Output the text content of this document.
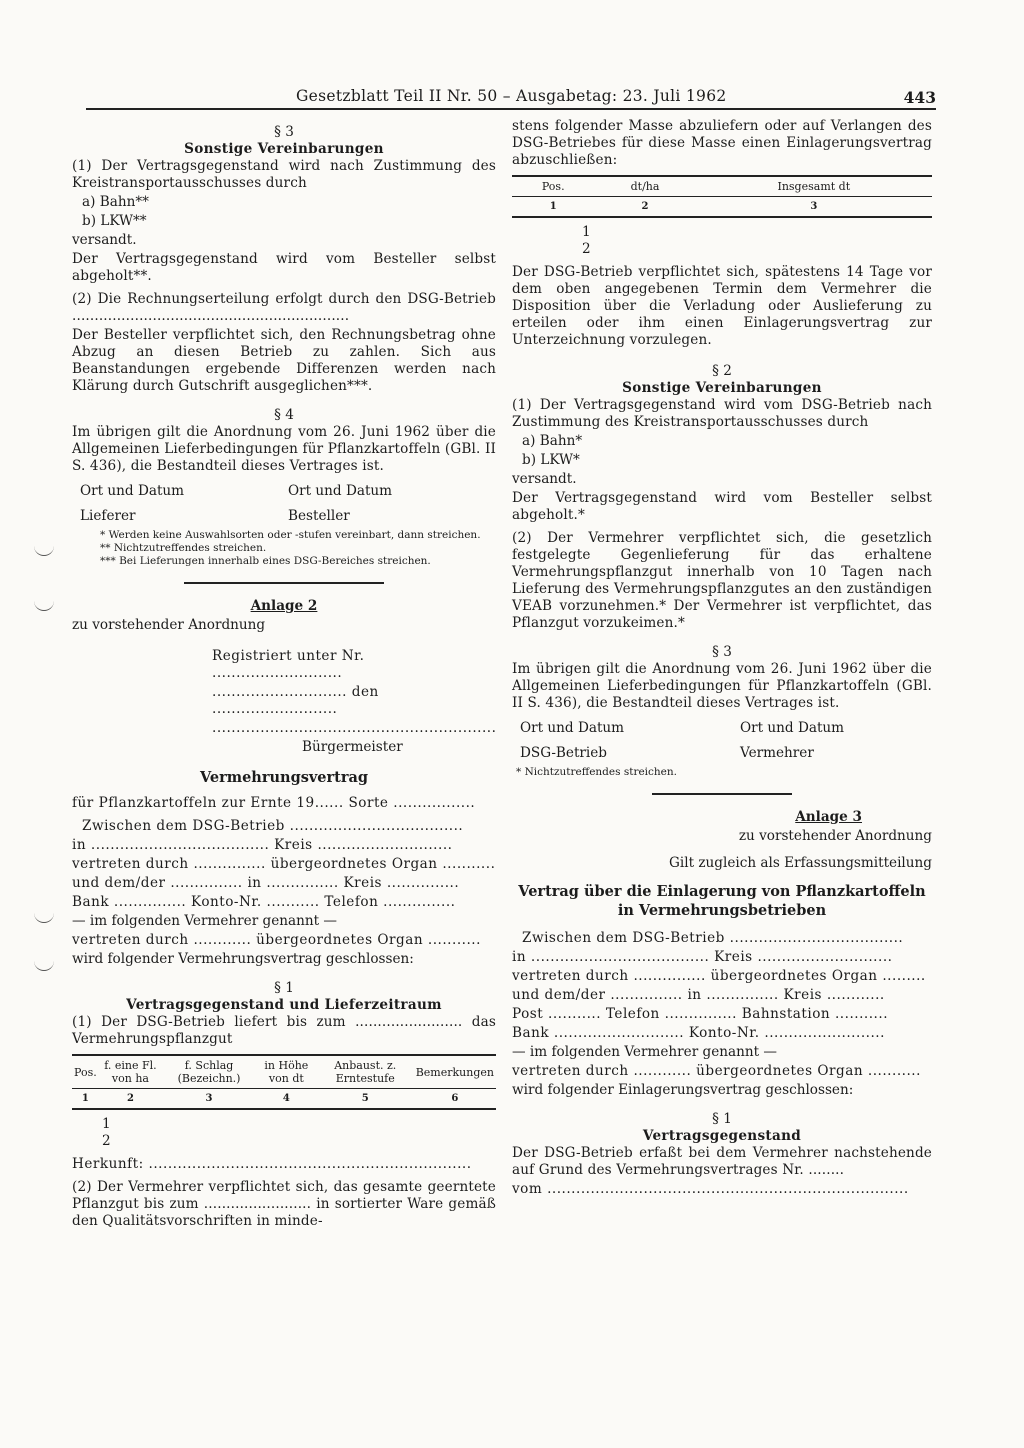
Gesetzblatt Teil II Nr. 50 – Ausgabetag: 23. Juli 1962	443
§ 3
Sonstige Vereinbarungen

(1) Der Vertragsgegenstand wird nach Zustimmung des Kreistransportausschusses durch

a) Bahn**
b) LKW**
versandt.

Der Vertragsgegenstand wird vom Besteller selbst abgeholt**.

(2) Die Rechnungserteilung erfolgt durch den DSG-Betrieb ..............................................................

Der Besteller verpflichtet sich, den Rechnungsbetrag ohne Abzug an diesen Betrieb zu zahlen. Sich aus Beanstandungen ergebende Differenzen werden nach Klärung durch Gutschrift ausgeglichen***.

§ 4

Im übrigen gilt die Anordnung vom 26. Juni 1962 über die Allgemeinen Lieferbedingungen für Pflanzkartoffeln (GBl. II S. 436), die Bestandteil dieses Vertrages ist.

Ort und Datum	Ort und Datum
Lieferer	Besteller
* Werden keine Auswahlsorten oder -stufen vereinbart, dann streichen.
** Nichtzutreffendes streichen.
*** Bei Lieferungen innerhalb eines DSG-Bereiches streichen.
Anlage 2
zu vorstehender Anordnung
Registriert unter Nr. ...........................
............................ den ..........................
...........................................................
Bürgermeister
Vermehrungsvertrag
für Pflanzkartoffeln zur Ernte 19...... Sorte .................
Zwischen dem DSG-Betrieb ....................................
in ..................................... Kreis ............................
vertreten durch ............... übergeordnetes Organ ...........
und dem/der ............... in ............... Kreis ...............
Bank ............... Konto-Nr. ........... Telefon ...............
— im folgenden Vermehrer genannt —
vertreten durch ............ übergeordnetes Organ ...........
wird folgender Vermehrungsvertrag geschlossen:
§ 1
Vertragsgegenstand und Lieferzeitraum

(1) Der DSG-Betrieb liefert bis zum ........................ das Vermehrungspflanzgut

Pos.	f. eine Fl. von ha	f. Schlag (Bezeichn.)	in Höhe von dt	Anbaust. z. Erntestufe	Bemerkungen
1	2	3	4	5	6
1
2
Herkunft: ...................................................................

(2) Der Vermehrer verpflichtet sich, das gesamte geerntete Pflanzgut bis zum ........................ in sortierter Ware gemäß den Qualitätsvorschriften in minde-

stens folgender Masse abzuliefern oder auf Verlangen des DSG-Betriebes für diese Masse einen Einlagerungsvertrag abzuschließen:

Pos.	dt/ha	Insgesamt dt
1	2	3
1
2

Der DSG-Betrieb verpflichtet sich, spätestens 14 Tage vor dem oben angegebenen Termin dem Vermehrer die Disposition über die Verladung oder Auslieferung zu erteilen oder ihm einen Einlagerungsvertrag zur Unterzeichnung vorzulegen.

§ 2
Sonstige Vereinbarungen

(1) Der Vertragsgegenstand wird vom DSG-Betrieb nach Zustimmung des Kreistransportausschusses durch

a) Bahn*
b) LKW*
versandt.

Der Vertragsgegenstand wird vom Besteller selbst abgeholt.*

(2) Der Vermehrer verpflichtet sich, die gesetzlich festgelegte Gegenlieferung für das erhaltene Vermehrungspflanzgut innerhalb von 10 Tagen nach Lieferung des Vermehrungspflanzgutes an den zuständigen VEAB vorzunehmen.* Der Vermehrer ist verpflichtet, das Pflanzgut vorzukeimen.*

§ 3

Im übrigen gilt die Anordnung vom 26. Juni 1962 über die Allgemeinen Lieferbedingungen für Pflanzkartoffeln (GBl. II S. 436), die Bestandteil dieses Vertrages ist.

Ort und Datum	Ort und Datum
DSG-Betrieb	Vermehrer
* Nichtzutreffendes streichen.
Anlage 3
zu vorstehender Anordnung
Gilt zugleich als Erfassungsmitteilung
Vertrag über die Einlagerung von Pflanzkartoffeln in Vermehrungsbetrieben
Zwischen dem DSG-Betrieb ....................................
in ..................................... Kreis ............................
vertreten durch ............... übergeordnetes Organ .........
und dem/der ............... in ............... Kreis ............
Post ........... Telefon ............... Bahnstation ...........
Bank ........................... Konto-Nr. .........................
— im folgenden Vermehrer genannt —
vertreten durch ............ übergeordnetes Organ ...........
wird folgender Einlagerungsvertrag geschlossen:
§ 1
Vertragsgegenstand

Der DSG-Betrieb erfaßt bei dem Vermehrer nachstehende auf Grund des Vermehrungsvertrages Nr. ........

vom ...........................................................................
